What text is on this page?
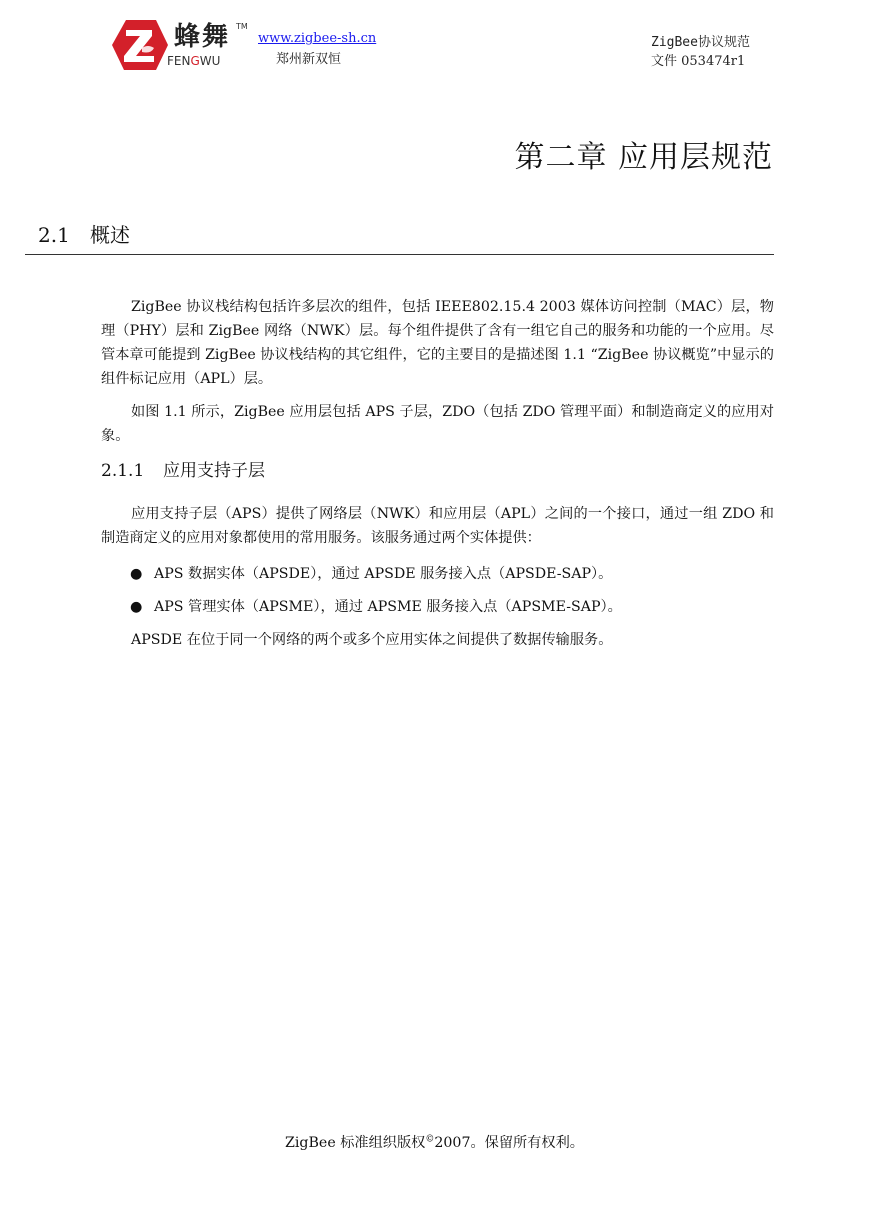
蜂舞 TM
FENGWU
www.zigbee-sh.cn
郑州新双恒
ZigBee协议规范
文件 053474r1
第二章 应用层规范
2.1 概述

ZigBee 协议栈结构包括许多层次的组件，包括 IEEE802.15.4 2003 媒体访问控制（MAC）层，物理（PHY）层和 ZigBee 网络（NWK）层。每个组件提供了含有一组它自己的服务和功能的一个应用。尽管本章可能提到 ZigBee 协议栈结构的其它组件，它的主要目的是描述图 1.1 “ZigBee 协议概览”中显示的组件标记应用（APL）层。

如图 1.1 所示，ZigBee 应用层包括 APS 子层，ZDO（包括 ZDO 管理平面）和制造商定义的应用对象。

2.1.1 应用支持子层

应用支持子层（APS）提供了网络层（NWK）和应用层（APL）之间的一个接口，通过一组 ZDO 和制造商定义的应用对象都使用的常用服务。该服务通过两个实体提供：

● APS 数据实体（APSDE），通过 APSDE 服务接入点（APSDE-SAP）。
● APS 管理实体（APSME），通过 APSME 服务接入点（APSME-SAP）。

APSDE 在位于同一个网络的两个或多个应用实体之间提供了数据传输服务。

ZigBee 标准组织版权©2007。保留所有权利。
